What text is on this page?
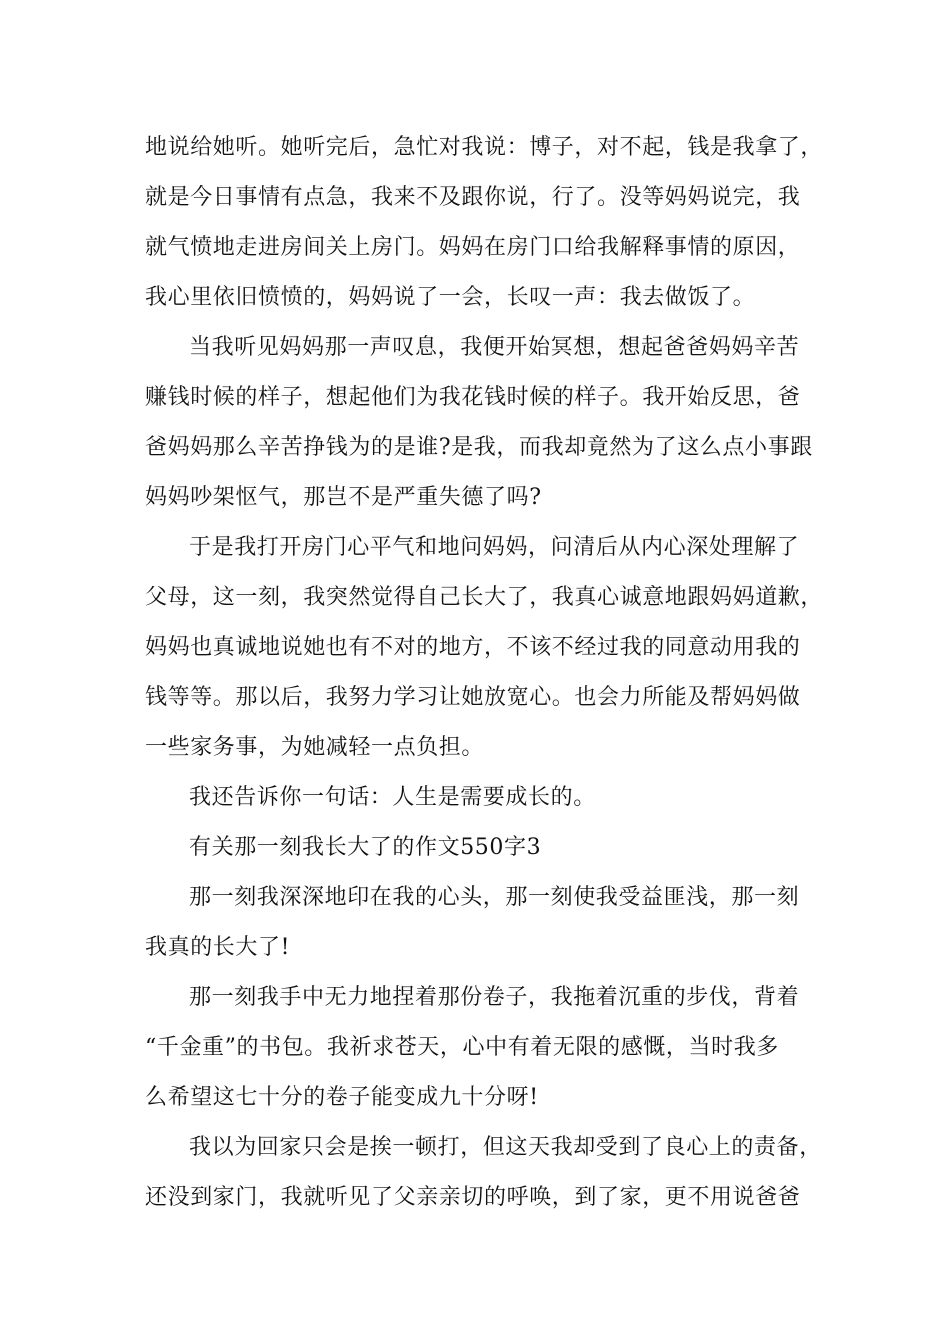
地说给她听。她听完后，急忙对我说：博子，对不起，钱是我拿了，
就是今日事情有点急，我来不及跟你说，行了。没等妈妈说完，我
就气愤地走进房间关上房门。妈妈在房门口给我解释事情的原因，
我心里依旧愤愤的，妈妈说了一会，长叹一声：我去做饭了。
当我听见妈妈那一声叹息，我便开始冥想，想起爸爸妈妈辛苦
赚钱时候的样子，想起他们为我花钱时候的样子。我开始反思，爸
爸妈妈那么辛苦挣钱为的是谁?是我，而我却竟然为了这么点小事跟
妈妈吵架怄气，那岂不是严重失德了吗?
于是我打开房门心平气和地问妈妈，问清后从内心深处理解了
父母，这一刻，我突然觉得自己长大了，我真心诚意地跟妈妈道歉，
妈妈也真诚地说她也有不对的地方，不该不经过我的同意动用我的
钱等等。那以后，我努力学习让她放宽心。也会力所能及帮妈妈做
一些家务事，为她减轻一点负担。
我还告诉你一句话：人生是需要成长的。
有关那一刻我长大了的作文550字3
那一刻我深深地印在我的心头，那一刻使我受益匪浅，那一刻
我真的长大了!
那一刻我手中无力地捏着那份卷子，我拖着沉重的步伐，背着
“千金重”的书包。我祈求苍天，心中有着无限的感慨，当时我多
么希望这七十分的卷子能变成九十分呀!
我以为回家只会是挨一顿打，但这天我却受到了良心上的责备，
还没到家门，我就听见了父亲亲切的呼唤，到了家，更不用说爸爸
